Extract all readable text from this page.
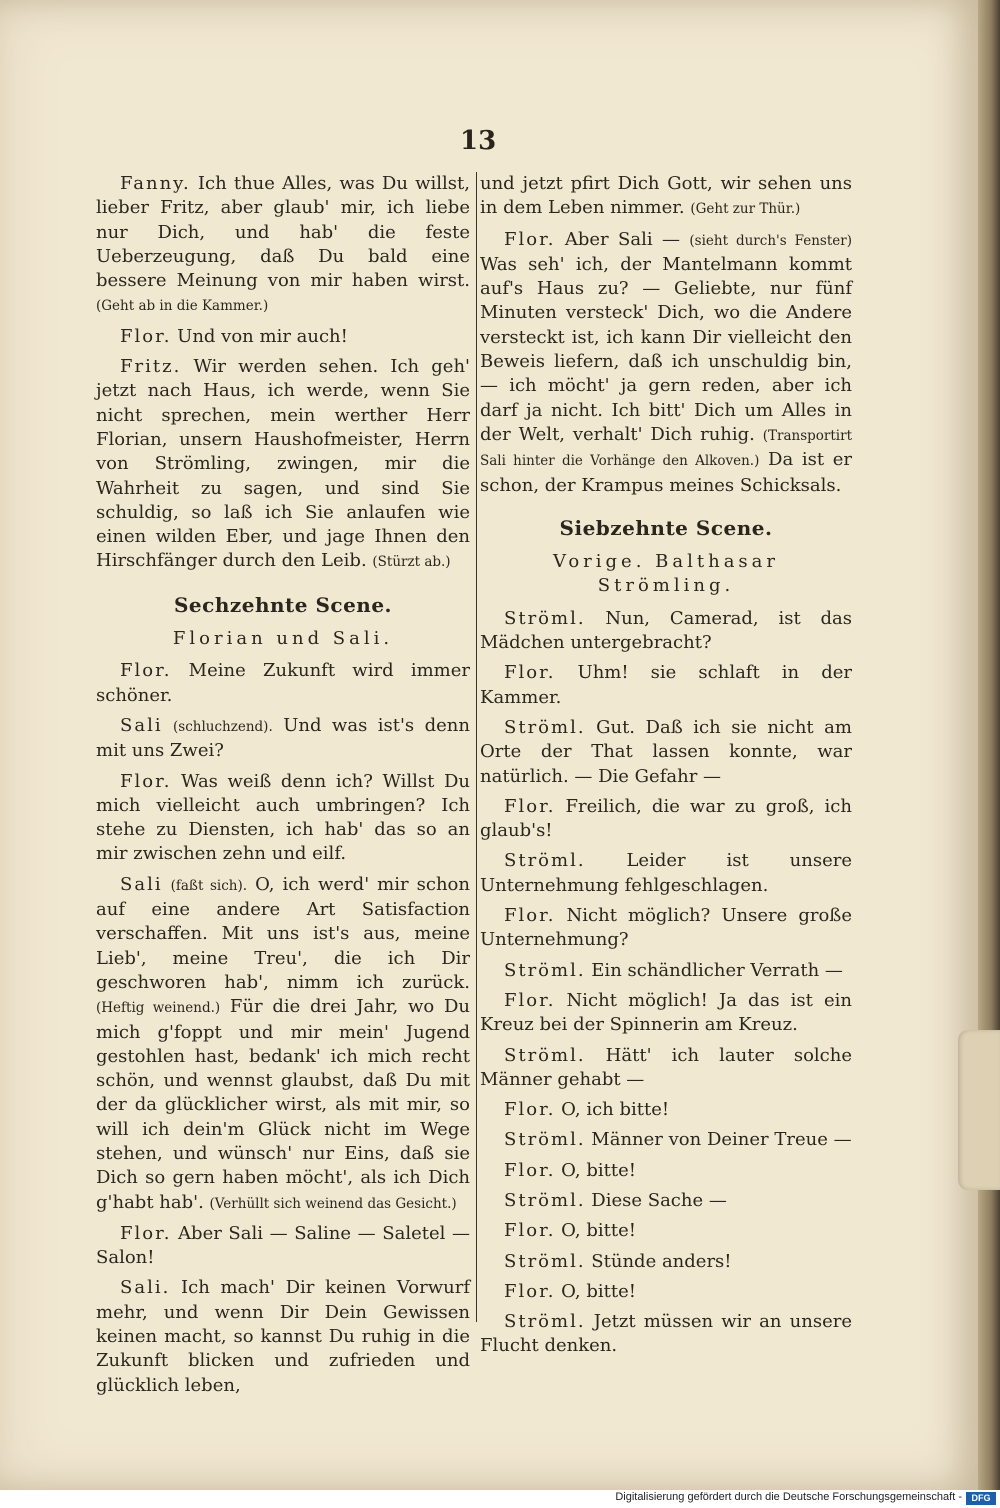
13

Fanny. Ich thue Alles, was Du willst, lieber Fritz, aber glaub' mir, ich liebe nur Dich, und hab' die feste Ueberzeugung, daß Du bald eine bessere Meinung von mir haben wirst. (Geht ab in die Kammer.)

Flor. Und von mir auch!

Fritz. Wir werden sehen. Ich geh' jetzt nach Haus, ich werde, wenn Sie nicht sprechen, mein werther Herr Florian, unsern Haushofmeister, Herrn von Strömling, zwingen, mir die Wahrheit zu sagen, und sind Sie schuldig, so laß ich Sie anlaufen wie einen wilden Eber, und jage Ihnen den Hirschfänger durch den Leib. (Stürzt ab.)

Sechzehnte Scene.
Florian und Sali.

Flor. Meine Zukunft wird immer schöner.

Sali (schluchzend). Und was ist's denn mit uns Zwei?

Flor. Was weiß denn ich? Willst Du mich vielleicht auch umbringen? Ich stehe zu Diensten, ich hab' das so an mir zwischen zehn und eilf.

Sali (faßt sich). O, ich werd' mir schon auf eine andere Art Satisfaction verschaffen. Mit uns ist's aus, meine Lieb', meine Treu', die ich Dir geschworen hab', nimm ich zurück. (Heftig weinend.) Für die drei Jahr, wo Du mich g'foppt und mir mein' Jugend gestohlen hast, bedank' ich mich recht schön, und wennst glaubst, daß Du mit der da glücklicher wirst, als mit mir, so will ich dein'm Glück nicht im Wege stehen, und wünsch' nur Eins, daß sie Dich so gern haben möcht', als ich Dich g'habt hab'. (Verhüllt sich weinend das Gesicht.)

Flor. Aber Sali — Saline — Saletel — Salon!

Sali. Ich mach' Dir keinen Vorwurf mehr, und wenn Dir Dein Gewissen keinen macht, so kannst Du ruhig in die Zukunft blicken und zufrieden und glücklich leben,

und jetzt pfirt Dich Gott, wir sehen uns in dem Leben nimmer. (Geht zur Thür.)

Flor. Aber Sali — (sieht durch's Fenster) Was seh' ich, der Mantelmann kommt auf's Haus zu? — Geliebte, nur fünf Minuten versteck' Dich, wo die Andere versteckt ist, ich kann Dir vielleicht den Beweis liefern, daß ich unschuldig bin, — ich möcht' ja gern reden, aber ich darf ja nicht. Ich bitt' Dich um Alles in der Welt, verhalt' Dich ruhig. (Transportirt Sali hinter die Vorhänge den Alkoven.) Da ist er schon, der Krampus meines Schicksals.

Siebzehnte Scene.
Vorige. Balthasar Strömling.

Ströml. Nun, Camerad, ist das Mädchen untergebracht?

Flor. Uhm! sie schlaft in der Kammer.

Ströml. Gut. Daß ich sie nicht am Orte der That lassen konnte, war natürlich. — Die Gefahr —

Flor. Freilich, die war zu groß, ich glaub's!

Ströml. Leider ist unsere Unternehmung fehlgeschlagen.

Flor. Nicht möglich? Unsere große Unternehmung?

Ströml. Ein schändlicher Verrath —

Flor. Nicht möglich! Ja das ist ein Kreuz bei der Spinnerin am Kreuz.

Ströml. Hätt' ich lauter solche Männer gehabt —

Flor. O, ich bitte!

Ströml. Männer von Deiner Treue —

Flor. O, bitte!

Ströml. Diese Sache —

Flor. O, bitte!

Ströml. Stünde anders!

Flor. O, bitte!

Ströml. Jetzt müssen wir an unsere Flucht denken.

Digitalisierung gefördert durch die Deutsche Forschungsgemeinschaft -	DFG
